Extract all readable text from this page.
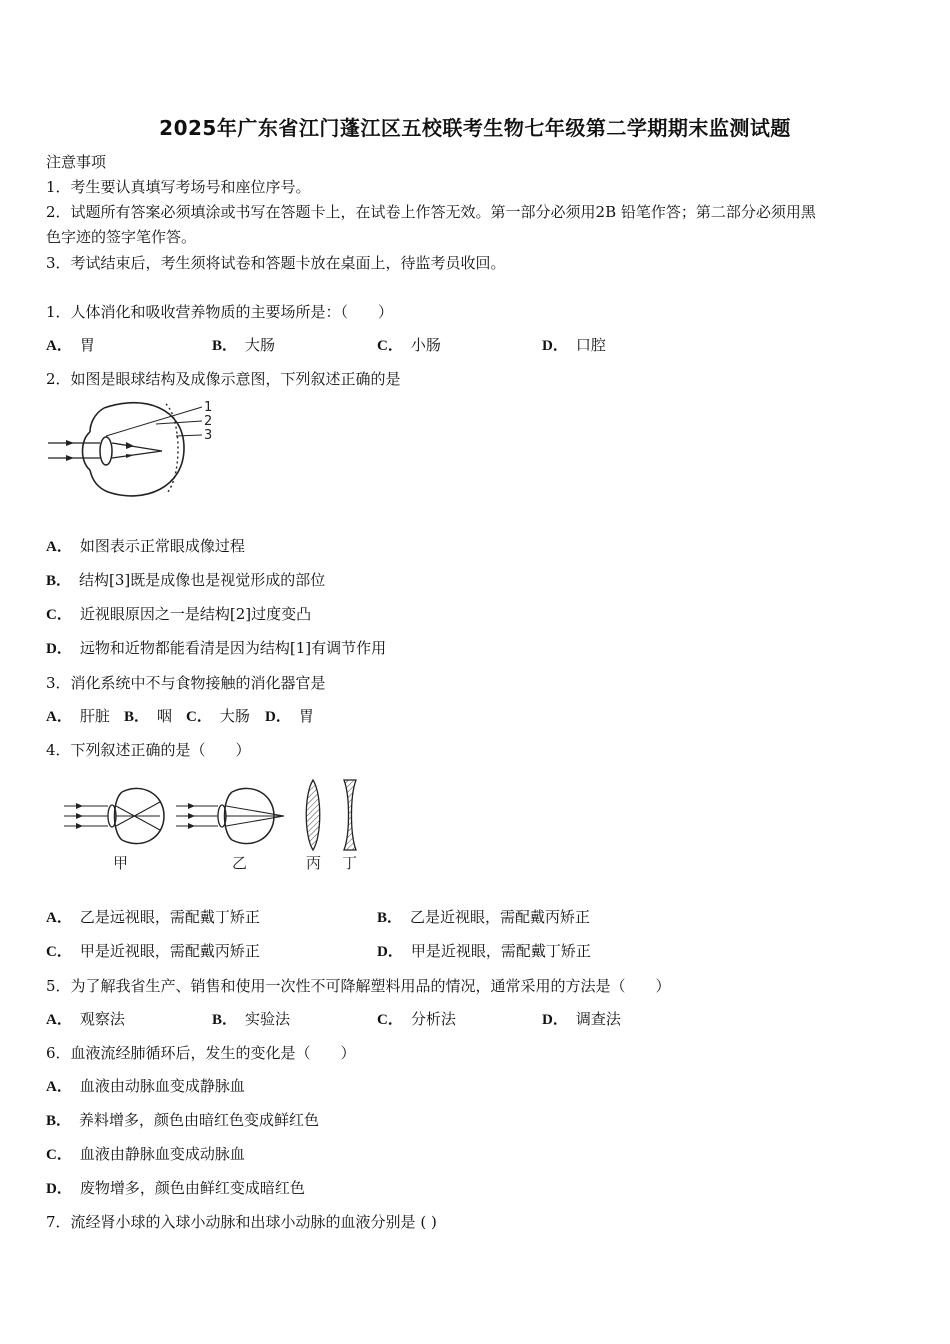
2025年广东省江门蓬江区五校联考生物七年级第二学期期末监测试题
注意事项
1．考生要认真填写考场号和座位序号。
2．试题所有答案必须填涂或书写在答题卡上，在试卷上作答无效。第一部分必须用2B 铅笔作答；第二部分必须用黑
色字迹的签字笔作答。
3．考试结束后，考生须将试卷和答题卡放在桌面上，待监考员收回。
1．人体消化和吸收营养物质的主要场所是：（　　）
A． 胃	B． 大肠	C． 小肠	D． 口腔
2．如图是眼球结构及成像示意图，下列叙述正确的是
1
2
3
A． 如图表示正常眼成像过程
B． 结构[3]既是成像也是视觉形成的部位
C． 近视眼原因之一是结构[2]过度变凸
D． 远物和近物都能看清是因为结构[1]有调节作用
3．消化系统中不与食物接触的消化器官是
A． 肝脏 B． 咽 C． 大肠 D． 胃
4．下列叙述正确的是（　　）
甲	乙	丙 丁
A． 乙是远视眼，需配戴丁矫正	B． 乙是近视眼，需配戴丙矫正
C． 甲是近视眼，需配戴丙矫正	D． 甲是近视眼，需配戴丁矫正
5．为了解我省生产、销售和使用一次性不可降解塑料用品的情况，通常采用的方法是（　　）
A． 观察法	B． 实验法	C． 分析法	D． 调查法
6．血液流经肺循环后，发生的变化是（　　）
A． 血液由动脉血变成静脉血
B． 养料增多，颜色由暗红色变成鲜红色
C． 血液由静脉血变成动脉血
D． 废物增多，颜色由鲜红变成暗红色
7．流经肾小球的入球小动脉和出球小动脉的血液分别是 ( )
